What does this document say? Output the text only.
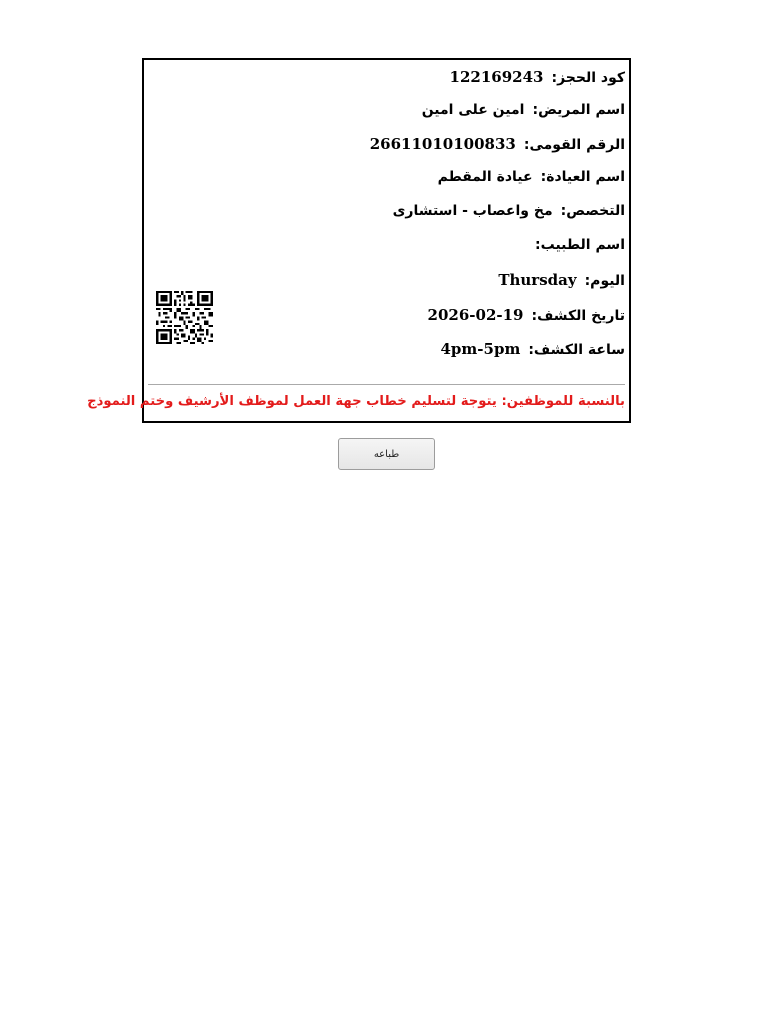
كود الحجز:
122169243
اسم المريض:
امين على امين
الرقم القومى:
26611010100833
اسم العيادة:
عيادة المقطم
التخصص:
مخ واعصاب - استشارى
اسم الطبيب:
اليوم:
Thursday
تاريخ الكشف:
2026-02-19
ساعة الكشف:
4pm-5pm
بالنسبة للموظفين: يتوجة لتسليم خطاب جهة العمل لموظف الأرشيف وختم النموذج
طباعه
